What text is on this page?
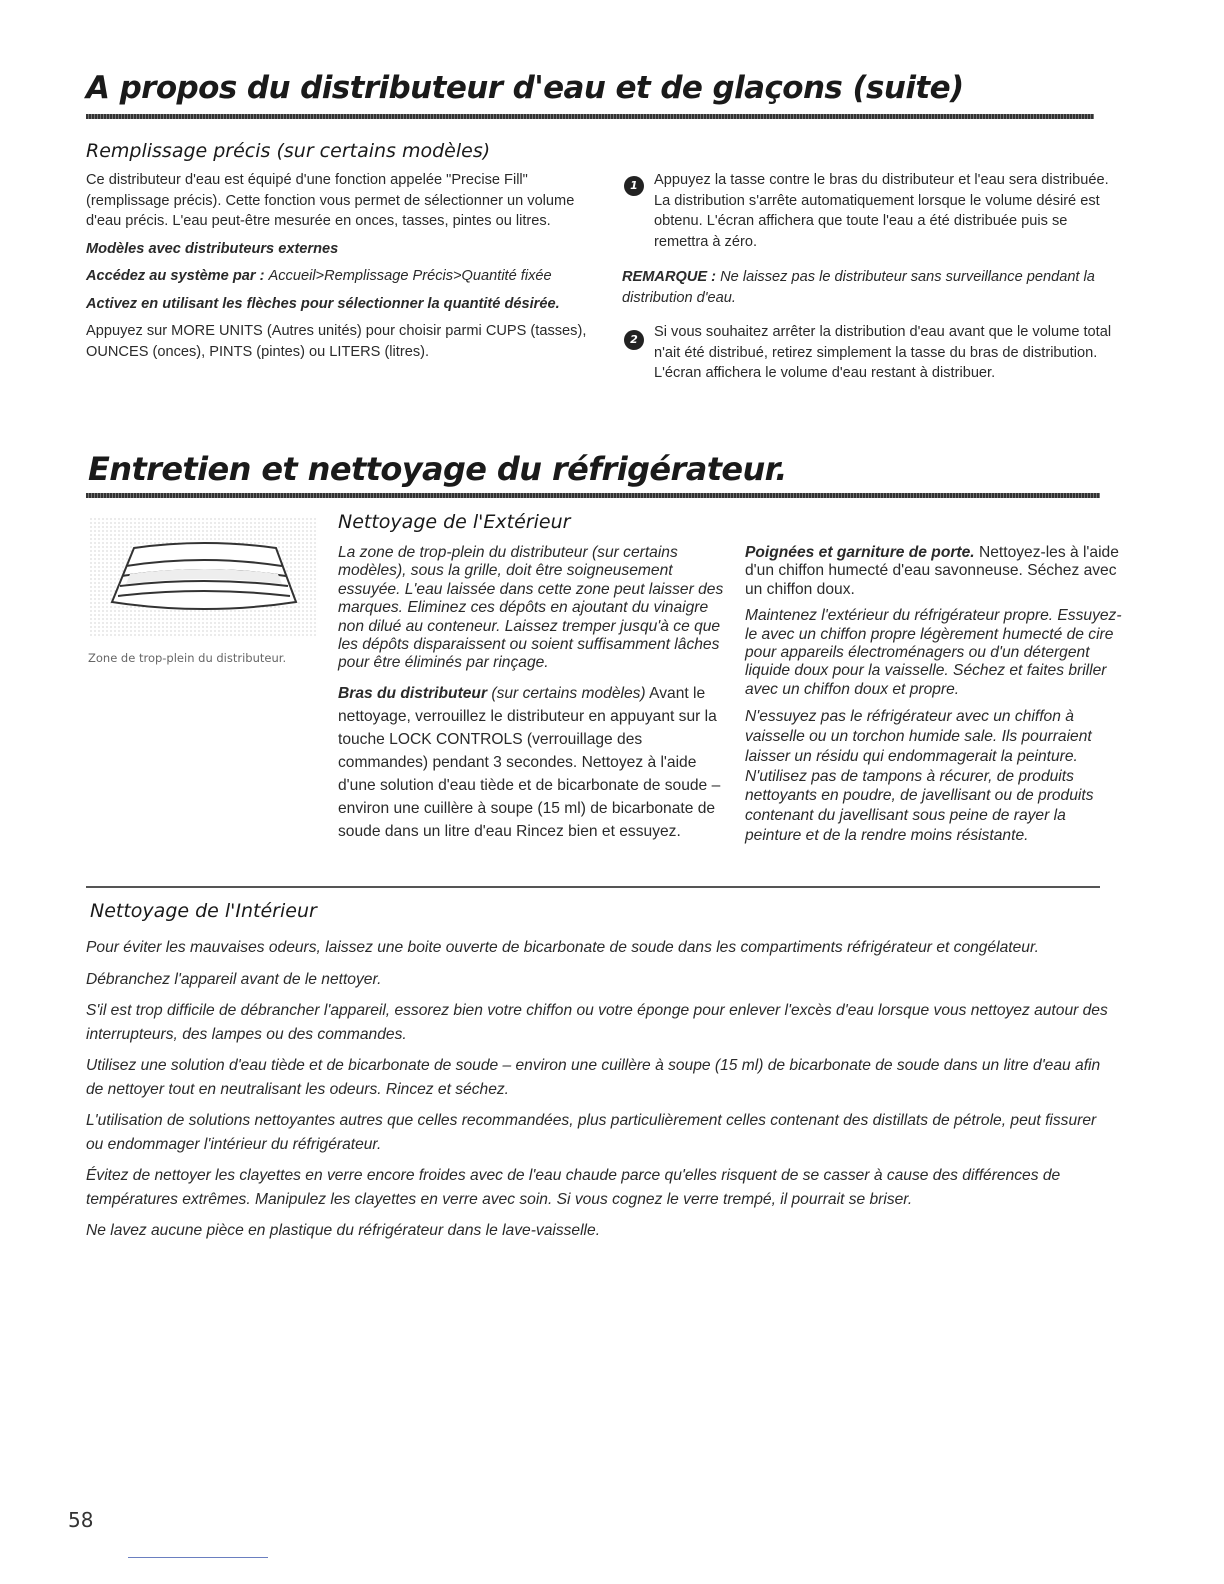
A propos du distributeur d'eau et de glaçons (suite)
Remplissage précis (sur certains modèles)

Ce distributeur d'eau est équipé d'une fonction appelée "Precise Fill" (remplissage précis). Cette fonction vous permet de sélectionner un volume d'eau précis. L'eau peut-être mesurée en onces, tasses, pintes ou litres.

Modèles avec distributeurs externes

Accédez au système par : Accueil>Remplissage Précis>Quantité fixée

Activez en utilisant les flèches pour sélectionner la quantité désirée.

Appuyez sur MORE UNITS (Autres unités) pour choisir parmi CUPS (tasses), OUNCES (onces), PINTS (pintes) ou LITERS (litres).

1	Appuyez la tasse contre le bras du distributeur et l'eau sera distribuée. La distribution s'arrête automatiquement lorsque le volume désiré est obtenu. L'écran affichera que toute l'eau a été distribuée puis se remettra à zéro.

REMARQUE : Ne laissez pas le distributeur sans surveillance pendant la distribution d'eau.

2	Si vous souhaitez arrêter la distribution d'eau avant que le volume total n'ait été distribué, retirez simplement la tasse du bras de distribution. L'écran affichera le volume d'eau restant à distribuer.

Entretien et nettoyage du réfrigérateur.
Zone de trop-plein du distributeur.
Nettoyage de l'Extérieur

La zone de trop-plein du distributeur (sur certains modèles), sous la grille, doit être soigneusement essuyée. L'eau laissée dans cette zone peut laisser des marques. Eliminez ces dépôts en ajoutant du vinaigre non dilué au conteneur. Laissez tremper jusqu'à ce que les dépôts disparaissent ou soient suffisamment lâches pour être éliminés par rinçage.

Bras du distributeur (sur certains modèles) Avant le nettoyage, verrouillez le distributeur en appuyant sur la touche LOCK CONTROLS (verrouillage des commandes) pendant 3 secondes. Nettoyez à l'aide d'une solution d'eau tiède et de bicarbonate de soude – environ une cuillère à soupe (15 ml) de bicarbonate de soude dans un litre d'eau Rincez bien et essuyez.

Poignées et garniture de porte. Nettoyez-les à l'aide d'un chiffon humecté d'eau savonneuse. Séchez avec un chiffon doux.

Maintenez l'extérieur du réfrigérateur propre. Essuyez-le avec un chiffon propre légèrement humecté de cire pour appareils électroménagers ou d'un détergent liquide doux pour la vaisselle. Séchez et faites briller avec un chiffon doux et propre.

N'essuyez pas le réfrigérateur avec un chiffon à vaisselle ou un torchon humide sale. Ils pourraient laisser un résidu qui endommagerait la peinture. N'utilisez pas de tampons à récurer, de produits nettoyants en poudre, de javellisant ou de produits contenant du javellisant sous peine de rayer la peinture et de la rendre moins résistante.

Nettoyage de l'Intérieur

Pour éviter les mauvaises odeurs, laissez une boite ouverte de bicarbonate de soude dans les compartiments réfrigérateur et congélateur.

Débranchez l'appareil avant de le nettoyer.

S'il est trop difficile de débrancher l'appareil, essorez bien votre chiffon ou votre éponge pour enlever l'excès d'eau lorsque vous nettoyez autour des interrupteurs, des lampes ou des commandes.

Utilisez une solution d'eau tiède et de bicarbonate de soude – environ une cuillère à soupe (15 ml) de bicarbonate de soude dans un litre d'eau afin de nettoyer tout en neutralisant les odeurs. Rincez et séchez.

L'utilisation de solutions nettoyantes autres que celles recommandées, plus particulièrement celles contenant des distillats de pétrole, peut fissurer ou endommager l'intérieur du réfrigérateur.

Évitez de nettoyer les clayettes en verre encore froides avec de l'eau chaude parce qu'elles risquent de se casser à cause des différences de températures extrêmes. Manipulez les clayettes en verre avec soin. Si vous cognez le verre trempé, il pourrait se briser.

Ne lavez aucune pièce en plastique du réfrigérateur dans le lave-vaisselle.

58
